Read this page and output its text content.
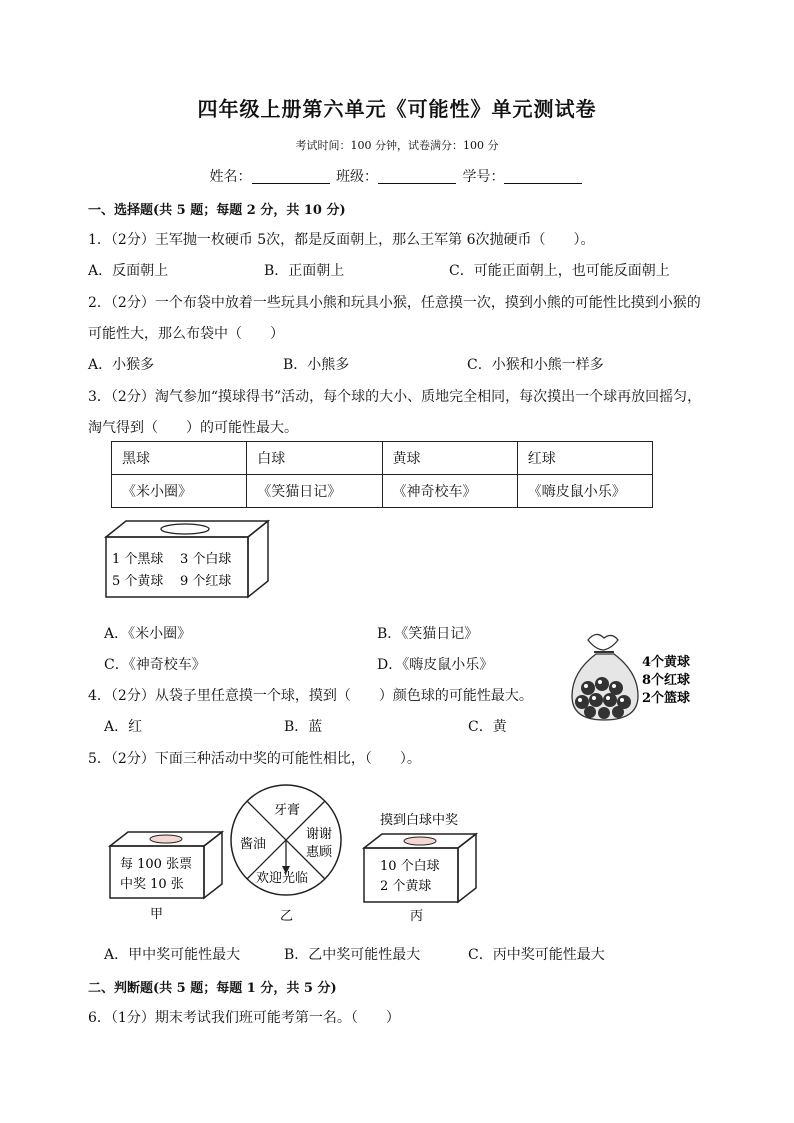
四年级上册第六单元《可能性》单元测试卷
考试时间：100 分钟，试卷满分：100 分
姓名：	班级：	学号：
一、选择题(共 5 题；每题 2 分，共 10 分)
1．（2分）王军抛一枚硬币 5次，都是反面朝上，那么王军第 6次抛硬币（　　）。
A．反面朝上	B．正面朝上	C．可能正面朝上，也可能反面朝上
2．（2分）一个布袋中放着一些玩具小熊和玩具小猴，任意摸一次，摸到小熊的可能性比摸到小猴的
可能性大，那么布袋中（　　）
A．小猴多	B．小熊多	C．小猴和小熊一样多
3．（2分）淘气参加“摸球得书”活动，每个球的大小、质地完全相同，每次摸出一个球再放回摇匀，
淘气得到（　　）的可能性最大。
黑球	白球	黄球	红球
《米小圈》	《笑猫日记》	《神奇校车》	《嗨皮鼠小乐》
1 个黑球 3 个白球
5 个黄球 9 个红球
A．《米小圈》	B．《笑猫日记》
C．《神奇校车》	D．《嗨皮鼠小乐》	4个黄球
8个红球
2个篮球
4．（2分）从袋子里任意摸一个球，摸到（　　）颜色球的可能性最大。
A．红	B．蓝	C．黄
5．（2分）下面三种活动中奖的可能性相比，（　　）。
每 100 张票
中奖 10 张
甲
牙膏
酱油
谢谢
惠顾
欢迎光临
乙
摸到白球中奖
10 个白球
2 个黄球
丙
A．甲中奖可能性最大	B．乙中奖可能性最大	C．丙中奖可能性最大
二、判断题(共 5 题；每题 1 分，共 5 分)
6．（1分）期末考试我们班可能考第一名。（　　）
